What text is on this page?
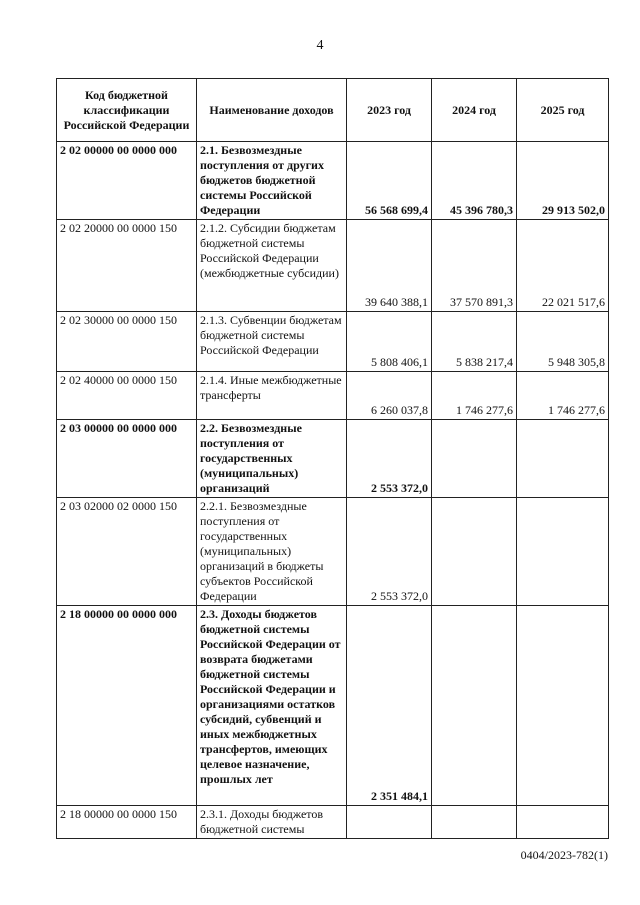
4
Код бюджетной классификации Российской Федерации	Наименование доходов	2023 год	2024 год	2025 год
2 02 00000 00 0000 000	2.1. Безвозмездные поступления от других бюджетов бюджетной системы Российской Федерации	56 568 699,4	45 396 780,3	29 913 502,0
2 02 20000 00 0000 150	2.1.2. Субсидии бюджетам бюджетной системы Российской Федерации (межбюджетные субсидии)	39 640 388,1	37 570 891,3	22 021 517,6
2 02 30000 00 0000 150	2.1.3. Субвенции бюджетам бюджетной системы Российской Федерации	5 808 406,1	5 838 217,4	5 948 305,8
2 02 40000 00 0000 150	2.1.4. Иные межбюджетные трансферты	6 260 037,8	1 746 277,6	1 746 277,6
2 03 00000 00 0000 000	2.2. Безвозмездные поступления от государственных (муниципальных) организаций	2 553 372,0		
2 03 02000 02 0000 150	2.2.1. Безвозмездные поступления от государственных (муниципальных) организаций в бюджеты субъектов Российской Федерации	2 553 372,0		
2 18 00000 00 0000 000	2.3. Доходы бюджетов бюджетной системы Российской Федерации от возврата бюджетами бюджетной системы Российской Федерации и организациями остатков субсидий, субвенций и иных межбюджетных трансфертов, имеющих целевое назначение, прошлых лет	2 351 484,1		
2 18 00000 00 0000 150	2.3.1. Доходы бюджетов бюджетной системы			
0404/2023-782(1)
